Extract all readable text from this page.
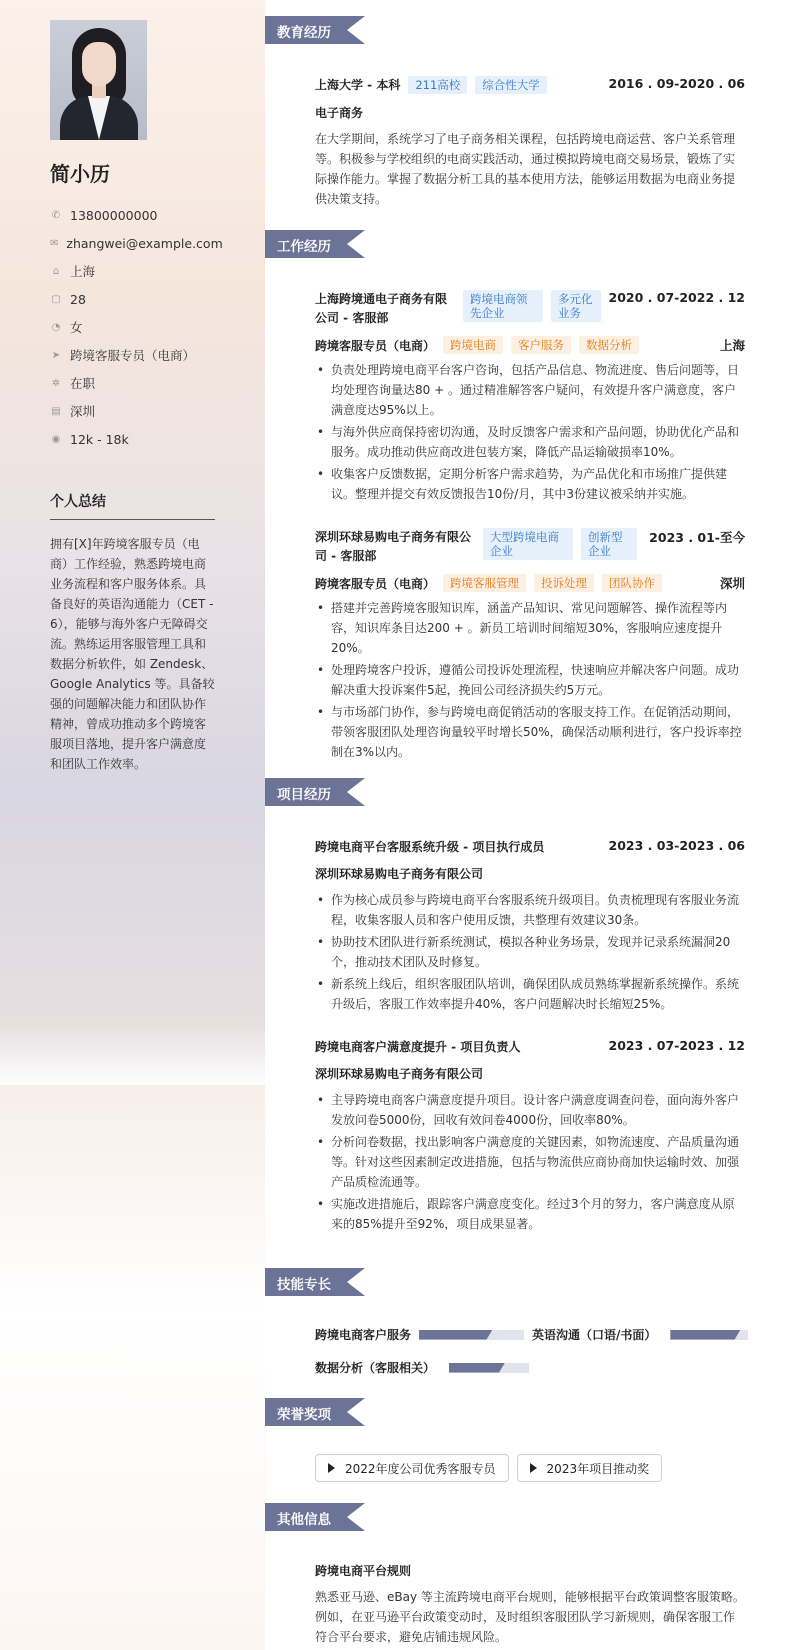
简小历
✆ 13800000000
✉ zhangwei@example.com
⌂ 上海
▢ 28
◔ 女
➤ 跨境客服专员（电商）
✲ 在职
▤ 深圳
◉ 12k - 18k
个人总结
拥有[X]年跨境客服专员（电商）工作经验，熟悉跨境电商业务流程和客户服务体系。具备良好的英语沟通能力（CET - 6），能够与海外客户无障碍交流。熟练运用客服管理工具和数据分析软件，如 Zendesk、Google Analytics 等。具备较强的问题解决能力和团队协作精神，曾成功推动多个跨境客服项目落地，提升客户满意度和团队工作效率。
教育经历
上海大学 - 本科	211高校	综合性大学	2016 . 09-2020 . 06
电子商务
在大学期间，系统学习了电子商务相关课程，包括跨境电商运营、客户关系管理等。积极参与学校组织的电商实践活动，通过模拟跨境电商交易场景，锻炼了实际操作能力。掌握了数据分析工具的基本使用方法，能够运用数据为电商业务提供决策支持。
工作经历
上海跨境通电子商务有限公司 - 客服部
跨境电商领先企业
多元化业务
2020 . 07-2022 . 12
跨境客服专员（电商）	跨境电商	客户服务	数据分析	上海
• 负责处理跨境电商平台客户咨询，包括产品信息、物流进度、售后问题等，日均处理咨询量达80 + 。通过精准解答客户疑问，有效提升客户满意度，客户满意度达95%以上。
• 与海外供应商保持密切沟通，及时反馈客户需求和产品问题，协助优化产品和服务。成功推动供应商改进包装方案，降低产品运输破损率10%。
• 收集客户反馈数据，定期分析客户需求趋势，为产品优化和市场推广提供建议。整理并提交有效反馈报告10份/月，其中3份建议被采纳并实施。
深圳环球易购电子商务有限公司 - 客服部
大型跨境电商企业
创新型企业
2023 . 01-至今
跨境客服专员（电商）	跨境客服管理	投诉处理	团队协作	深圳
• 搭建并完善跨境客服知识库，涵盖产品知识、常见问题解答、操作流程等内容，知识库条目达200 + 。新员工培训时间缩短30%，客服响应速度提升20%。
• 处理跨境客户投诉，遵循公司投诉处理流程，快速响应并解决客户问题。成功解决重大投诉案件5起，挽回公司经济损失约5万元。
• 与市场部门协作，参与跨境电商促销活动的客服支持工作。在促销活动期间，带领客服团队处理咨询量较平时增长50%，确保活动顺利进行，客户投诉率控制在3%以内。
项目经历
跨境电商平台客服系统升级 - 项目执行成员	2023 . 03-2023 . 06
深圳环球易购电子商务有限公司
• 作为核心成员参与跨境电商平台客服系统升级项目。负责梳理现有客服业务流程，收集客服人员和客户使用反馈，共整理有效建议30条。
• 协助技术团队进行新系统测试，模拟各种业务场景，发现并记录系统漏洞20个，推动技术团队及时修复。
• 新系统上线后，组织客服团队培训，确保团队成员熟练掌握新系统操作。系统升级后，客服工作效率提升40%，客户问题解决时长缩短25%。
跨境电商客户满意度提升 - 项目负责人	2023 . 07-2023 . 12
深圳环球易购电子商务有限公司
• 主导跨境电商客户满意度提升项目。设计客户满意度调查问卷，面向海外客户发放问卷5000份，回收有效问卷4000份，回收率80%。
• 分析问卷数据，找出影响客户满意度的关键因素，如物流速度、产品质量沟通等。针对这些因素制定改进措施，包括与物流供应商协商加快运输时效、加强产品质检流通等。
• 实施改进措施后，跟踪客户满意度变化。经过3个月的努力，客户满意度从原来的85%提升至92%，项目成果显著。
技能专长
跨境电商客户服务	英语沟通（口语/书面）
数据分析（客服相关）
荣誉奖项
2022年度公司优秀客服专员	2023年项目推动奖
其他信息
跨境电商平台规则
熟悉亚马逊、eBay 等主流跨境电商平台规则，能够根据平台政策调整客服策略。例如，在亚马逊平台政策变动时，及时组织客服团队学习新规则，确保客服工作符合平台要求，避免店铺违规风险。
